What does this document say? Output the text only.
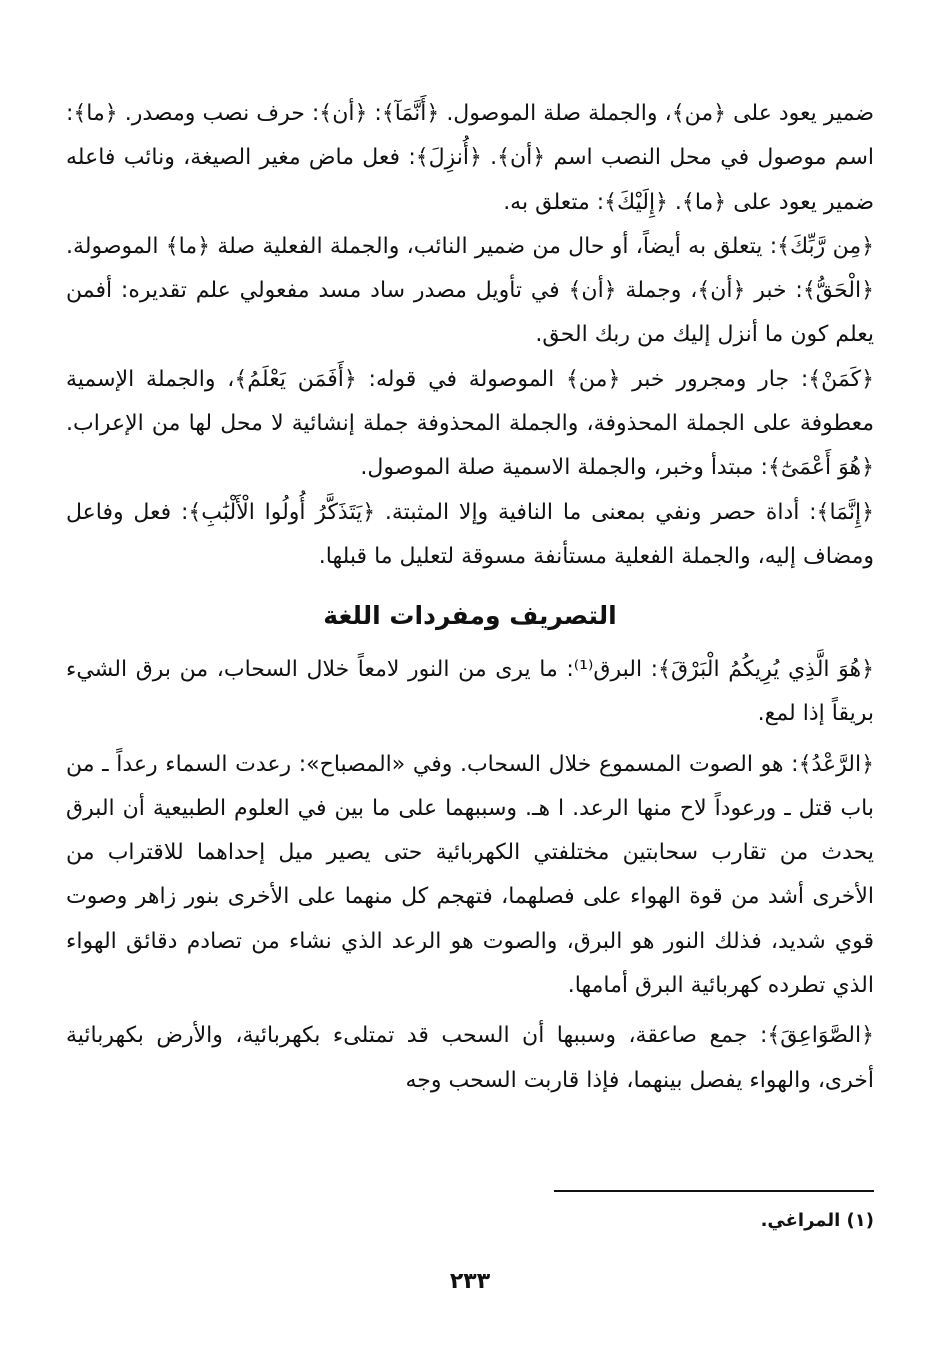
ضمير يعود على ﴿من﴾، والجملة صلة الموصول. ﴿أَنَّمَآ﴾: ﴿أن﴾: حرف نصب ومصدر. ﴿ما﴾: اسم موصول في محل النصب اسم ﴿أن﴾. ﴿أُنزِلَ﴾: فعل ماض مغير الصيغة، ونائب فاعله ضمير يعود على ﴿ما﴾. ﴿إِلَيْكَ﴾: متعلق به.

﴿مِن رَّبِّكَ﴾: يتعلق به أيضاً، أو حال من ضمير النائب، والجملة الفعلية صلة ﴿ما﴾ الموصولة. ﴿الْحَقُّ﴾: خبر ﴿أن﴾، وجملة ﴿أن﴾ في تأويل مصدر ساد مسد مفعولي علم تقديره: أفمن يعلم كون ما أنزل إليك من ربك الحق.

﴿كَمَنْ﴾: جار ومجرور خبر ﴿من﴾ الموصولة في قوله: ﴿أَفَمَن يَعْلَمُ﴾، والجملة الإسمية معطوفة على الجملة المحذوفة، والجملة المحذوفة جملة إنشائية لا محل لها من الإعراب. ﴿هُوَ أَعْمَىٰٓ﴾: مبتدأ وخبر، والجملة الاسمية صلة الموصول.

﴿إِنَّمَا﴾: أداة حصر ونفي بمعنى ما النافية وإلا المثبتة. ﴿يَتَذَكَّرُ أُولُوا الْأَلْبَٰبِ﴾: فعل وفاعل ومضاف إليه، والجملة الفعلية مستأنفة مسوقة لتعليل ما قبلها.

التصريف ومفردات اللغة

﴿هُوَ الَّذِي يُرِيكُمُ الْبَرْقَ﴾: البرق⁽¹⁾: ما يرى من النور لامعاً خلال السحاب، من برق الشيء بريقاً إذا لمع.

﴿الرَّعْدُ﴾: هو الصوت المسموع خلال السحاب. وفي «المصباح»: رعدت السماء رعداً ـ من باب قتل ـ ورعوداً لاح منها الرعد. ا هـ. وسببهما على ما بين في العلوم الطبيعية أن البرق يحدث من تقارب سحابتين مختلفتي الكهربائية حتى يصير ميل إحداهما للاقتراب من الأخرى أشد من قوة الهواء على فصلهما، فتهجم كل منهما على الأخرى بنور زاهر وصوت قوي شديد، فذلك النور هو البرق، والصوت هو الرعد الذي نشاء من تصادم دقائق الهواء الذي تطرده كهربائية البرق أمامها.

﴿الصَّوَاعِقَ﴾: جمع صاعقة، وسببها أن السحب قد تمتلىء بكهربائية، والأرض بكهربائية أخرى، والهواء يفصل بينهما، فإذا قاربت السحب وجه

(١) المراغي.
٢٣٣
